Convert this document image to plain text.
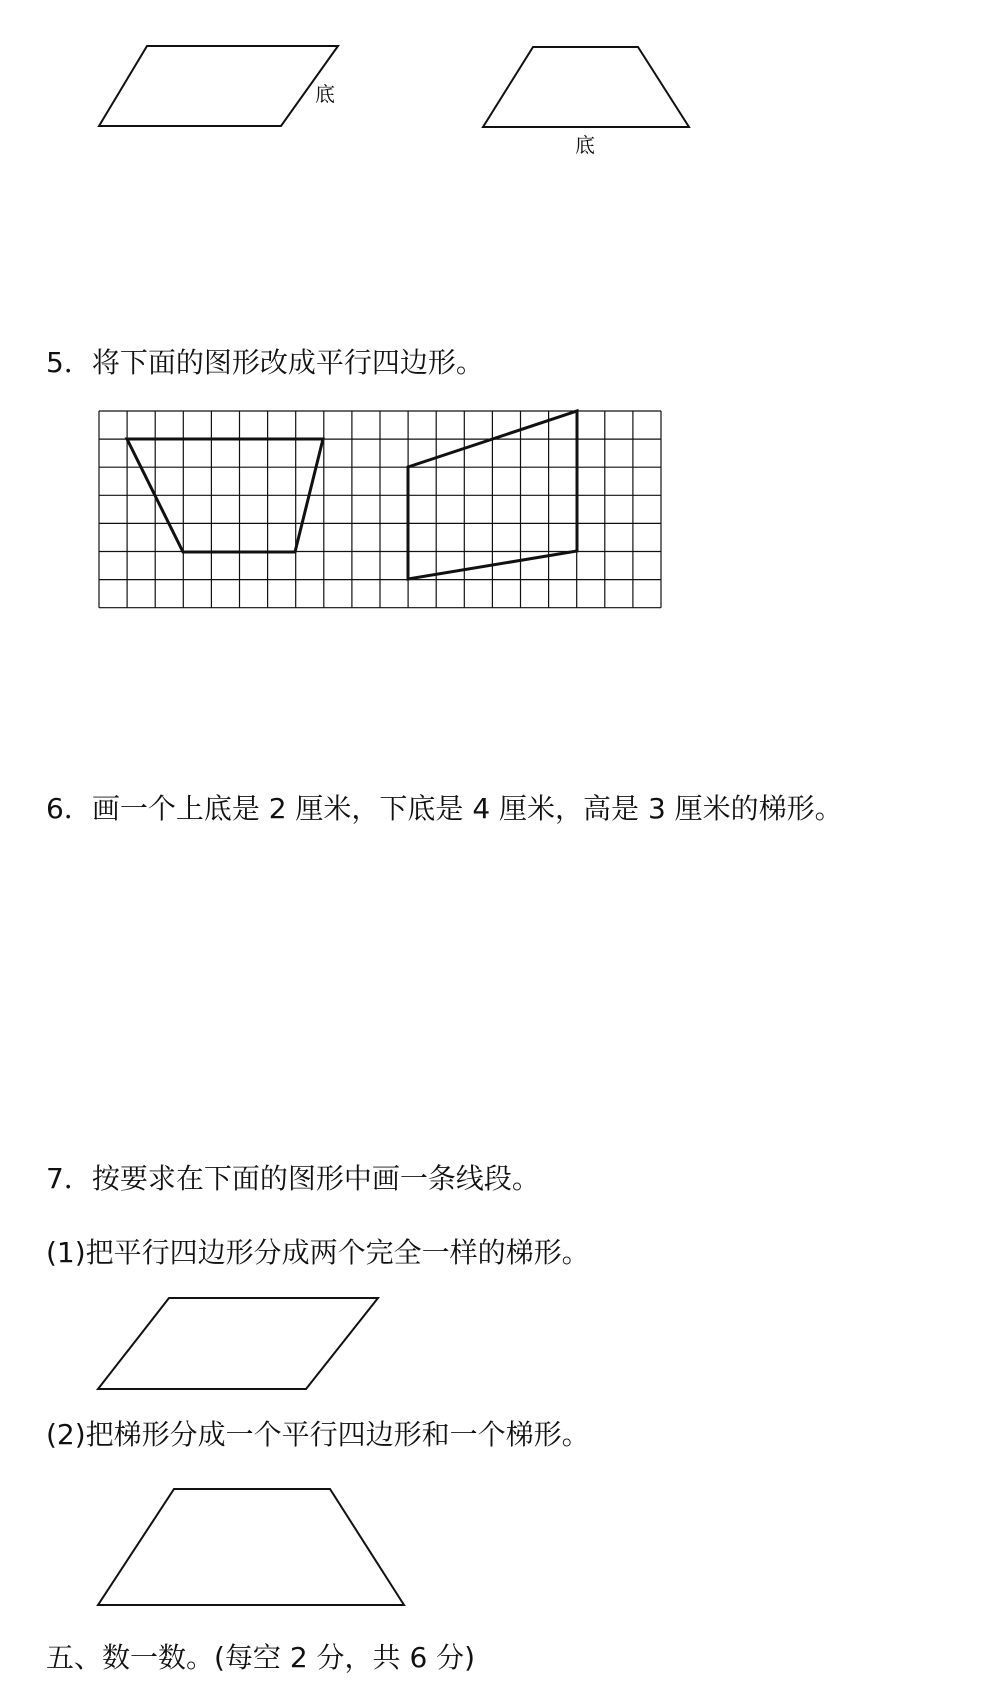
底
底
5．将下面的图形改成平行四边形。
6．画一个上底是 2 厘米，下底是 4 厘米，高是 3 厘米的梯形。
7．按要求在下面的图形中画一条线段。
(1)把平行四边形分成两个完全一样的梯形。
(2)把梯形分成一个平行四边形和一个梯形。
五、数一数。(每空 2 分，共 6 分)
